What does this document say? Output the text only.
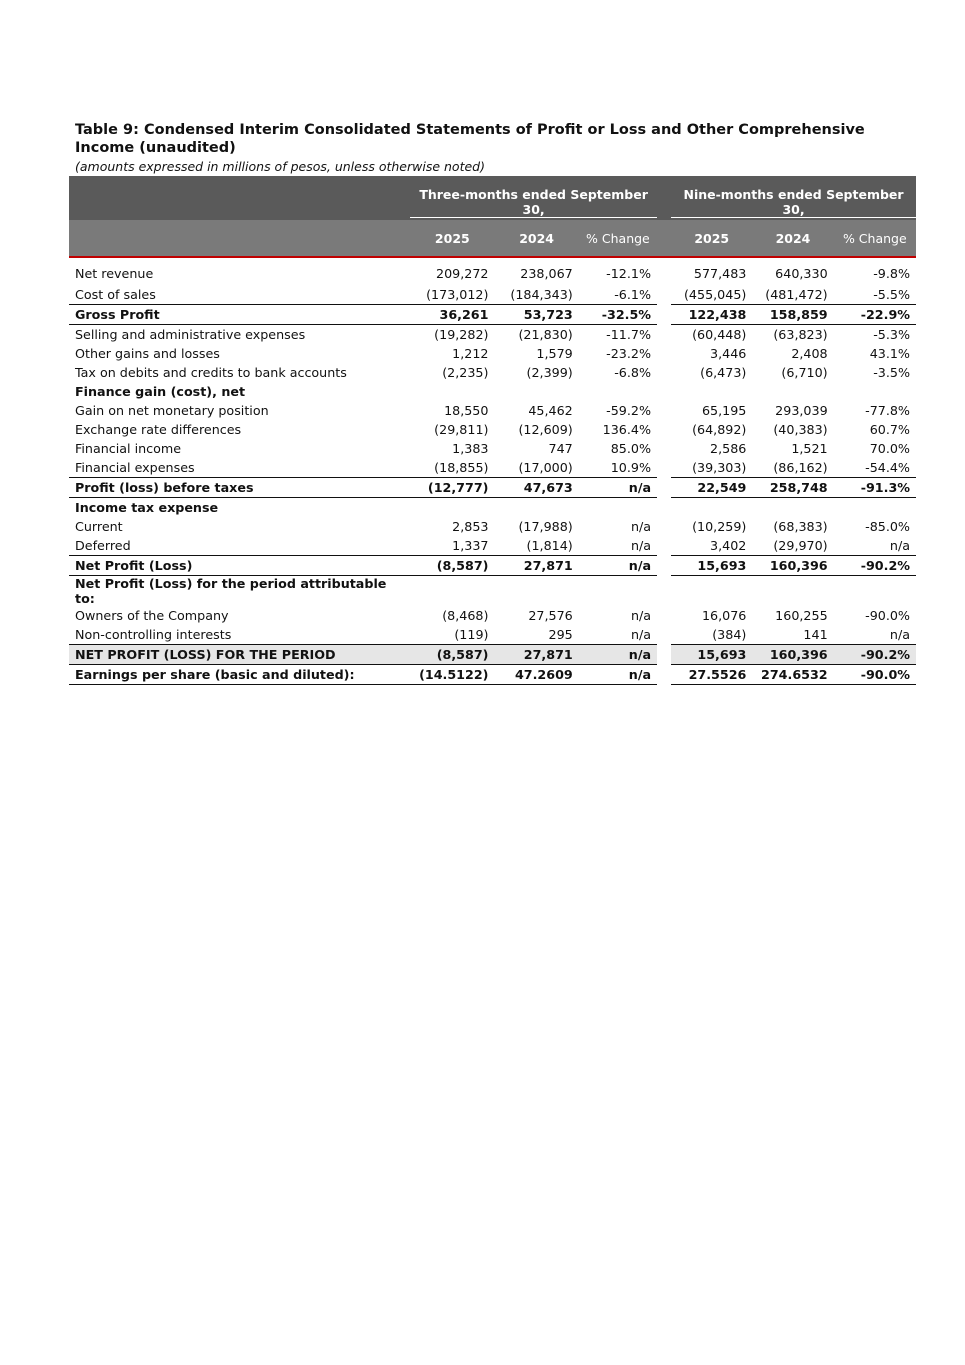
Table 9: Condensed Interim Consolidated Statements of Profit or Loss and Other Comprehensive Income (unaudited)
(amounts expressed in millions of pesos, unless otherwise noted)

	Three-months ended September 30,				Nine-months ended September 30,		

	2025	2024	% Change		2025	2024	% Change
Net revenue	209,272	238,067	-12.1%		577,483	640,330	-9.8%
Cost of sales	(173,012)	(184,343)	-6.1%		(455,045)	(481,472)	-5.5%
Gross Profit	36,261	53,723	-32.5%		122,438	158,859	-22.9%
Selling and administrative expenses	(19,282)	(21,830)	-11.7%		(60,448)	(63,823)	-5.3%
Other gains and losses	1,212	1,579	-23.2%		3,446	2,408	43.1%
Tax on debits and credits to bank accounts	(2,235)	(2,399)	-6.8%		(6,473)	(6,710)	-3.5%
Finance gain (cost), net							
Gain on net monetary position	18,550	45,462	-59.2%		65,195	293,039	-77.8%
Exchange rate differences	(29,811)	(12,609)	136.4%		(64,892)	(40,383)	60.7%
Financial income	1,383	747	85.0%		2,586	1,521	70.0%
Financial expenses	(18,855)	(17,000)	10.9%		(39,303)	(86,162)	-54.4%
Profit (loss) before taxes	(12,777)	47,673	n/a		22,549	258,748	-91.3%
Income tax expense							
Current	2,853	(17,988)	n/a		(10,259)	(68,383)	-85.0%
Deferred	1,337	(1,814)	n/a		3,402	(29,970)	n/a
Net Profit (Loss)	(8,587)	27,871	n/a		15,693	160,396	-90.2%
Net Profit (Loss) for the period attributable to:							
Owners of the Company	(8,468)	27,576	n/a		16,076	160,255	-90.0%
Non-controlling interests	(119)	295	n/a		(384)	141	n/a
NET PROFIT (LOSS) FOR THE PERIOD	(8,587)	27,871	n/a		15,693	160,396	-90.2%
Earnings per share (basic and diluted):	(14.5122)	47.2609	n/a		27.5526	274.6532	-90.0%
